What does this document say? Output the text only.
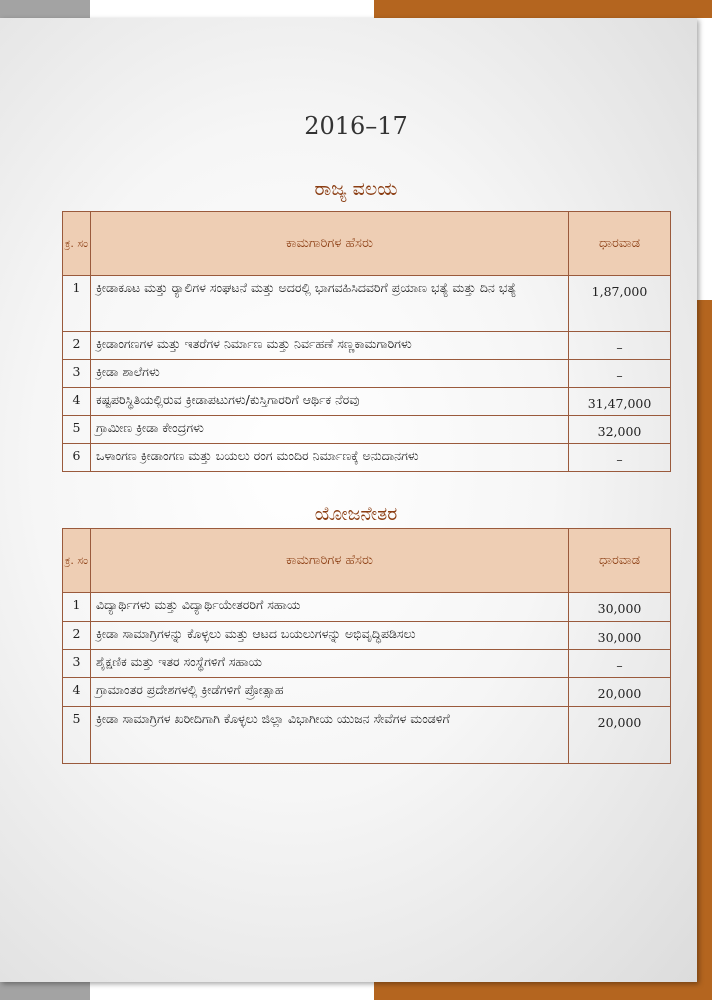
2016–17
ರಾಜ್ಯ ವಲಯ
ಕ್ರ. ಸಂ	ಕಾಮಗಾರಿಗಳ ಹೆಸರು	ಧಾರವಾಡ
1	ಕ್ರೀಡಾಕೂಟ ಮತ್ತು ರ‍್ಯಾಲಿಗಳ ಸಂಘಟನೆ ಮತ್ತು ಅದರಲ್ಲಿ ಭಾಗವಹಿಸಿದವರಿಗೆ ಪ್ರಯಾಣ ಭತ್ಯೆ ಮತ್ತು ದಿನ ಭತ್ಯೆ	1,87,000
2	ಕ್ರೀಡಾಂಗಣಗಳ ಮತ್ತು ಇತರೆಗಳ ನಿರ್ಮಾಣ ಮತ್ತು ನಿರ್ವಹಣೆ ಸಣ್ಣಕಾಮಗಾರಿಗಳು	–
3	ಕ್ರೀಡಾ ಶಾಲೆಗಳು	–
4	ಕಷ್ಟಪರಿಸ್ಥಿತಿಯಲ್ಲಿರುವ ಕ್ರೀಡಾಪಟುಗಳು/ಕುಸ್ತಿಗಾರರಿಗೆ ಆರ್ಥಿಕ ನೆರವು	31,47,000
5	ಗ್ರಾಮೀಣ ಕ್ರೀಡಾ ಕೇಂದ್ರಗಳು	32,000
6	ಒಳಾಂಗಣ ಕ್ರೀಡಾಂಗಣ ಮತ್ತು ಬಯಲು ರಂಗ ಮಂದಿರ ನಿರ್ಮಾಣಕ್ಕೆ ಅನುದಾನಗಳು	–
ಯೋಜನೇತರ
ಕ್ರ. ಸಂ	ಕಾಮಗಾರಿಗಳ ಹೆಸರು	ಧಾರವಾಡ
1	ವಿದ್ಯಾರ್ಥಿಗಳು ಮತ್ತು ವಿದ್ಯಾರ್ಥಿಯೇತರರಿಗೆ ಸಹಾಯ	30,000
2	ಕ್ರೀಡಾ ಸಾಮಾಗ್ರಿಗಳನ್ನು ಕೊಳ್ಳಲು ಮತ್ತು ಆಟದ ಬಯಲುಗಳನ್ನು ಅಭಿವೃದ್ಧಿಪಡಿಸಲು	30,000
3	ಶೈಕ್ಷಣಿಕ ಮತ್ತು ಇತರ ಸಂಸ್ಥೆಗಳಿಗೆ ಸಹಾಯ	–
4	ಗ್ರಾಮಾಂತರ ಪ್ರದೇಶಗಳಲ್ಲಿ ಕ್ರೀಡೆಗಳಿಗೆ ಪ್ರೋತ್ಸಾಹ	20,000
5	ಕ್ರೀಡಾ ಸಾಮಾಗ್ರಿಗಳ ಖರೀದಿಗಾಗಿ ಕೊಳ್ಳಲು ಜಿಲ್ಲಾ ವಿಭಾಗೀಯ ಯುಜನ ಸೇವೆಗಳ ಮಂಡಳಿಗೆ	20,000
